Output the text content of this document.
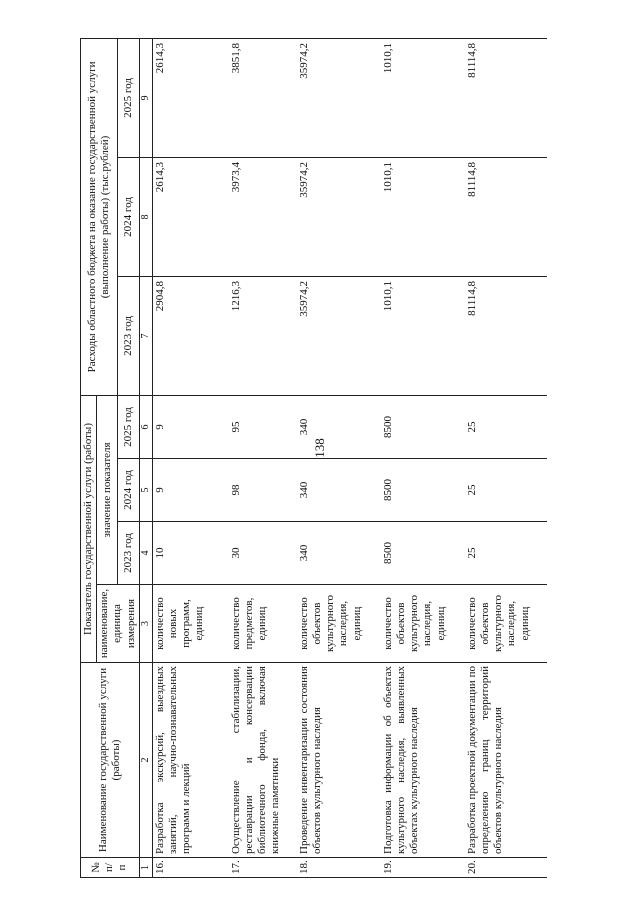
138
№
п/п	Наименование государственной услуги (работы)	Показатель государственной услуги (работы)				Расходы областного бюджета на оказание государственной услуги (выполнение работы) (тыс.рублей)		
		наименование, единица измерения	значение показателя					
			2023 год	2024 год	2025 год	2023 год	2024 год	2025 год
1	2	3	4	5	6	7	8	9
16.	Разработка экскурсий, выездных занятий, научно-познавательных программ и лекций	количество новых программ, единиц	10	9	9	2904,8	2614,3	2614,3
17.	Осуществление стабилизации, реставрации и консервации библиотечного фонда, включая книжные памятники	количество предметов, единиц	30	98	95	1216,3	3973,4	3851,8
18.	Проведение инвентаризации состояния объектов культурного наследия	количество объектов культурного наследия, единиц	340	340	340	35974,2	35974,2	35974,2
19.	Подготовка информации об объектах культурного наследия, выявленных объектах культурного наследия	количество объектов культурного наследия, единиц	8500	8500	8500	1010,1	1010,1	1010,1
20.	Разработка проектной документации по определению границ территорий объектов культурного наследия	количество объектов культурного наследия, единиц	25	25	25	81114,8	81114,8	81114,8
